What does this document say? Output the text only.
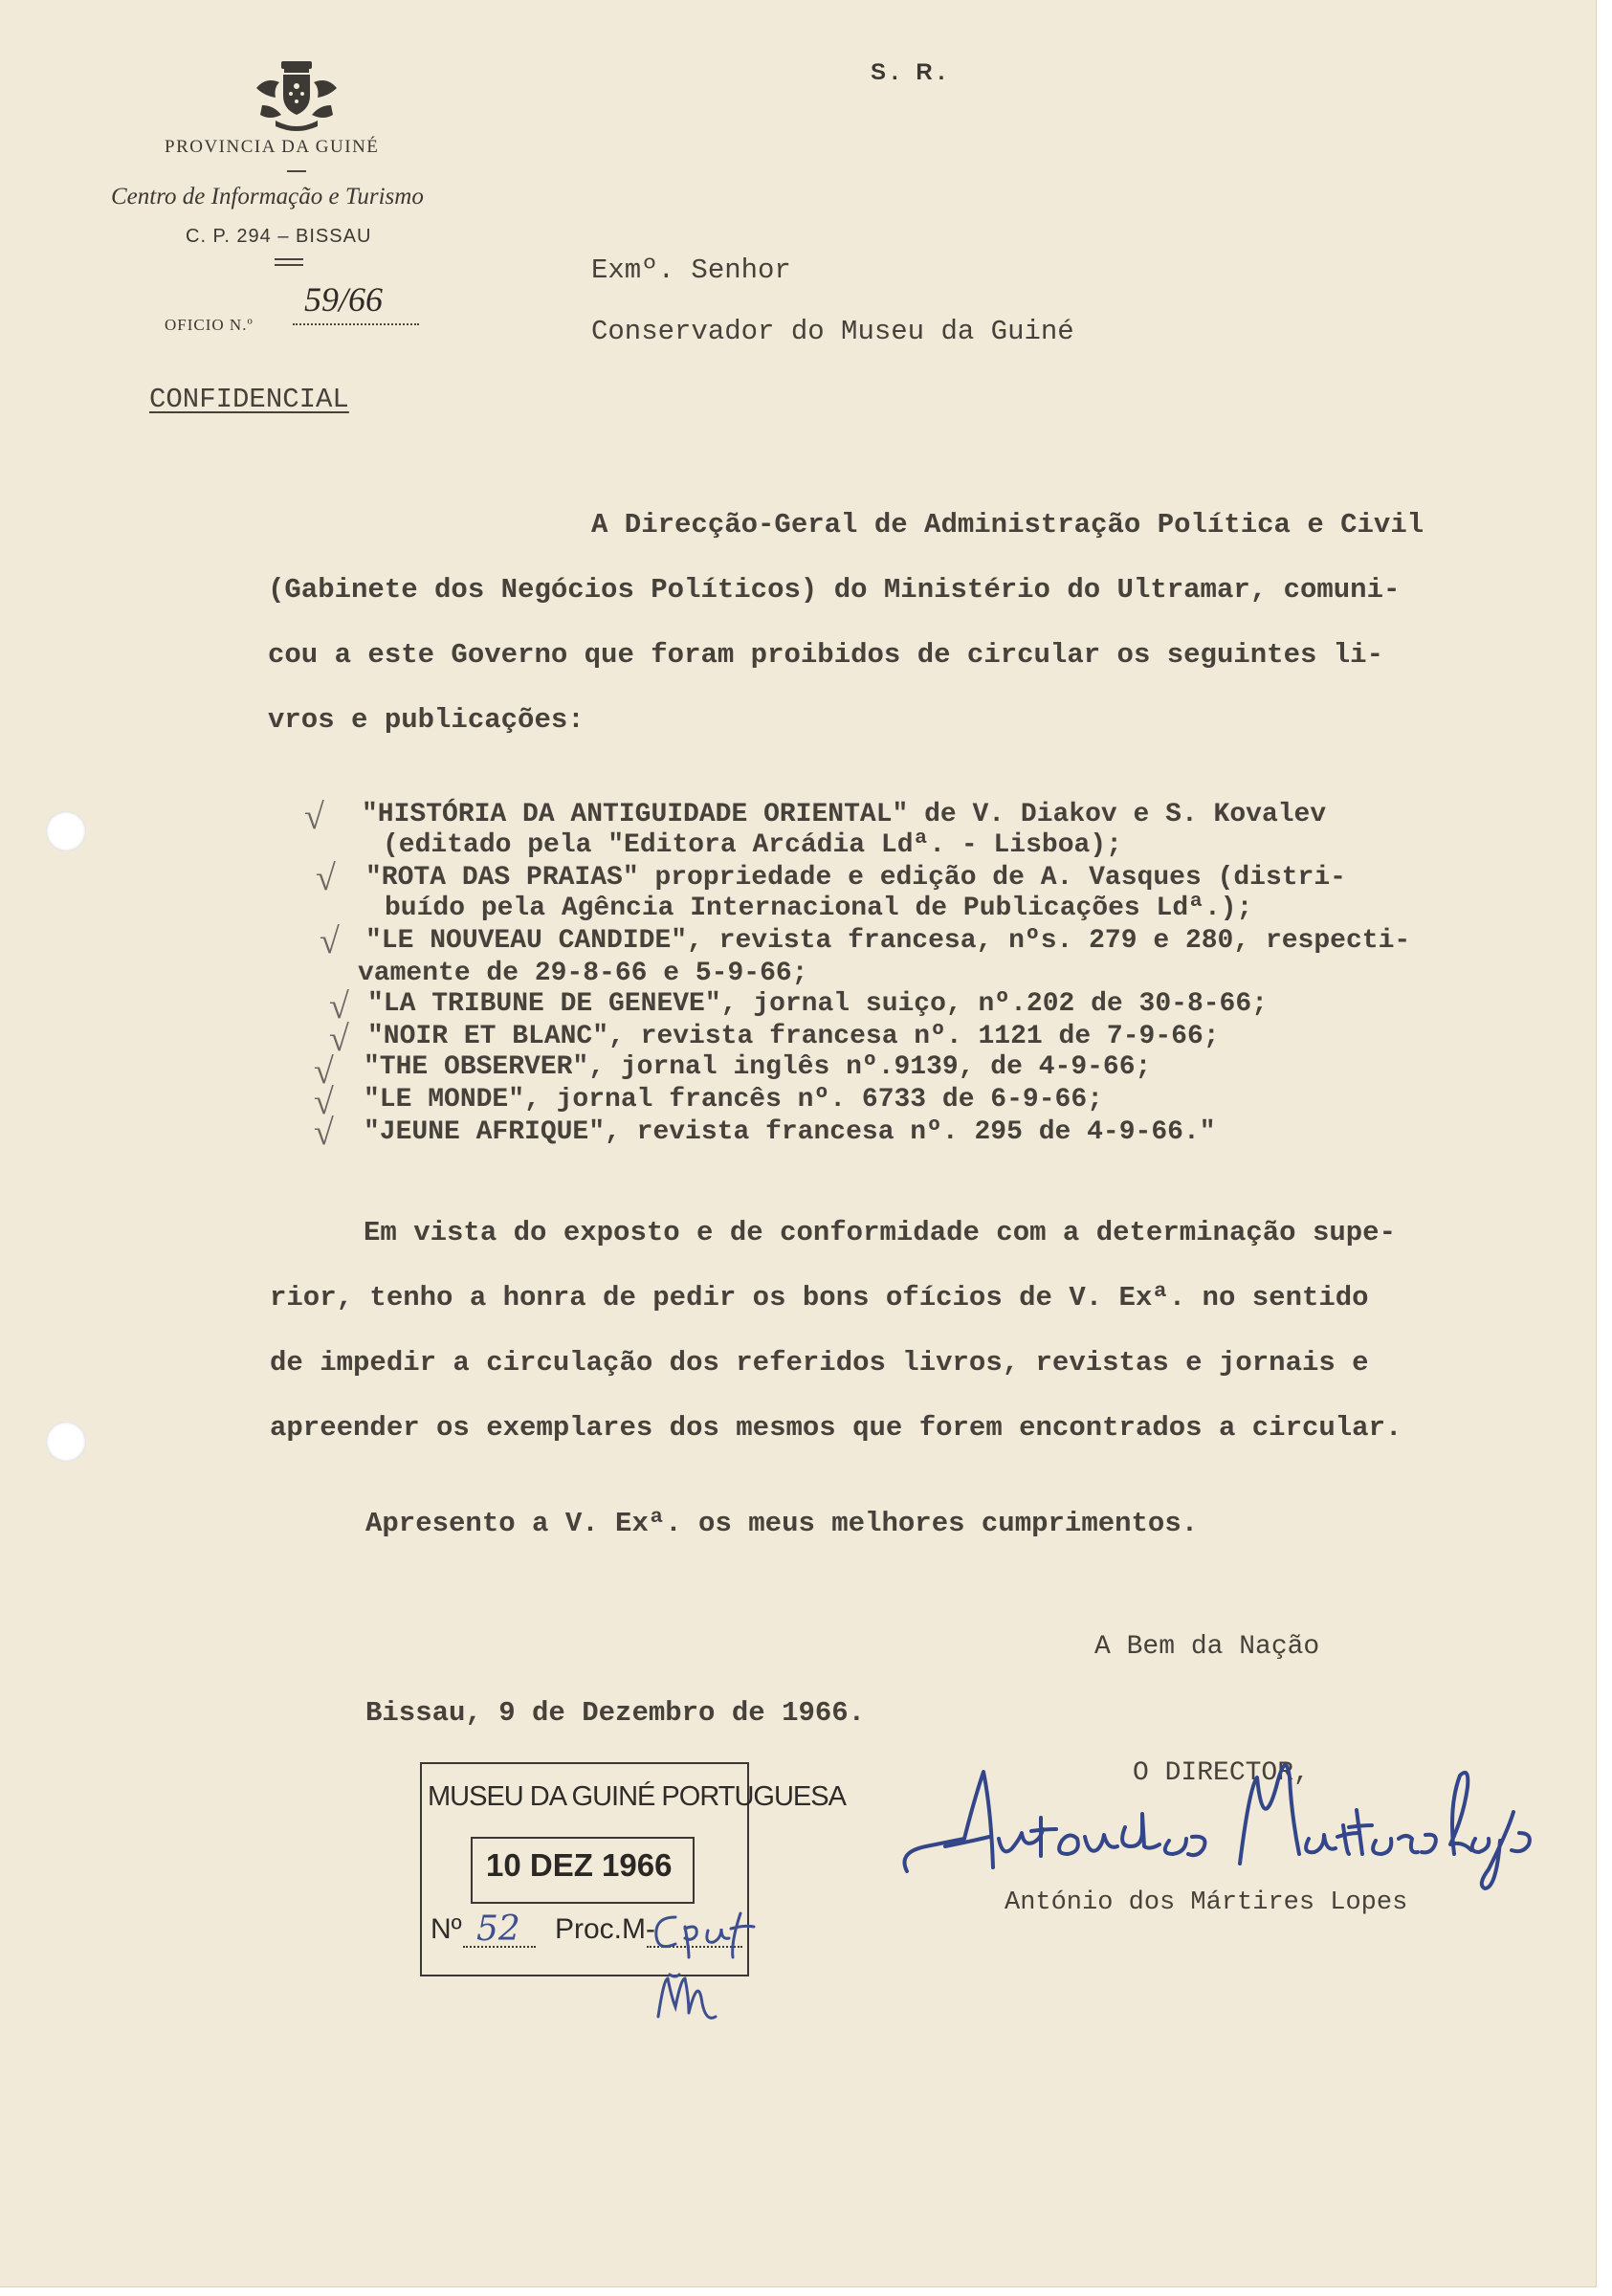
PROVINCIA DA GUINÉ
Centro de Informação e Turismo
C. P. 294 – BISSAU
OFICIO N.º
59/66
S. R.
Exmº. Senhor
Conservador do Museu da Guiné
CONFIDENCIAL
A Direcção-Geral de Administração Política e Civil
(Gabinete dos Negócios Políticos) do Ministério do Ultramar, comuni-
cou a este Governo que foram proibidos de circular os seguintes li-
vros e publicações:
√ "HISTÓRIA DA ANTIGUIDADE ORIENTAL" de V. Diakov e S. Kovalev
(editado pela "Editora Arcádia Ldª. - Lisboa);
√ "ROTA DAS PRAIAS" propriedade e edição de A. Vasques (distri-
buído pela Agência Internacional de Publicações Ldª.);
√ "LE NOUVEAU CANDIDE", revista francesa, nºs. 279 e 280, respecti-
vamente de 29-8-66 e 5-9-66;
√ "LA TRIBUNE DE GENEVE", jornal suiço, nº.202 de 30-8-66;
√ "NOIR ET BLANC", revista francesa nº. 1121 de 7-9-66;
√ "THE OBSERVER", jornal inglês nº.9139, de 4-9-66;
√ "LE MONDE", jornal francês nº. 6733 de 6-9-66;
√ "JEUNE AFRIQUE", revista francesa nº. 295 de 4-9-66."
Em vista do exposto e de conformidade com a determinação supe-
rior, tenho a honra de pedir os bons ofícios de V. Exª. no sentido
de impedir a circulação dos referidos livros, revistas e jornais e
apreender os exemplares dos mesmos que forem encontrados a circular.
Apresento a V. Exª. os meus melhores cumprimentos.
A Bem da Nação
Bissau, 9 de Dezembro de 1966.
O DIRECTOR,
António dos Mártires Lopes
MUSEU DA GUINÉ PORTUGUESA
10 DEZ 1966
Nº 52 Proc.M-
